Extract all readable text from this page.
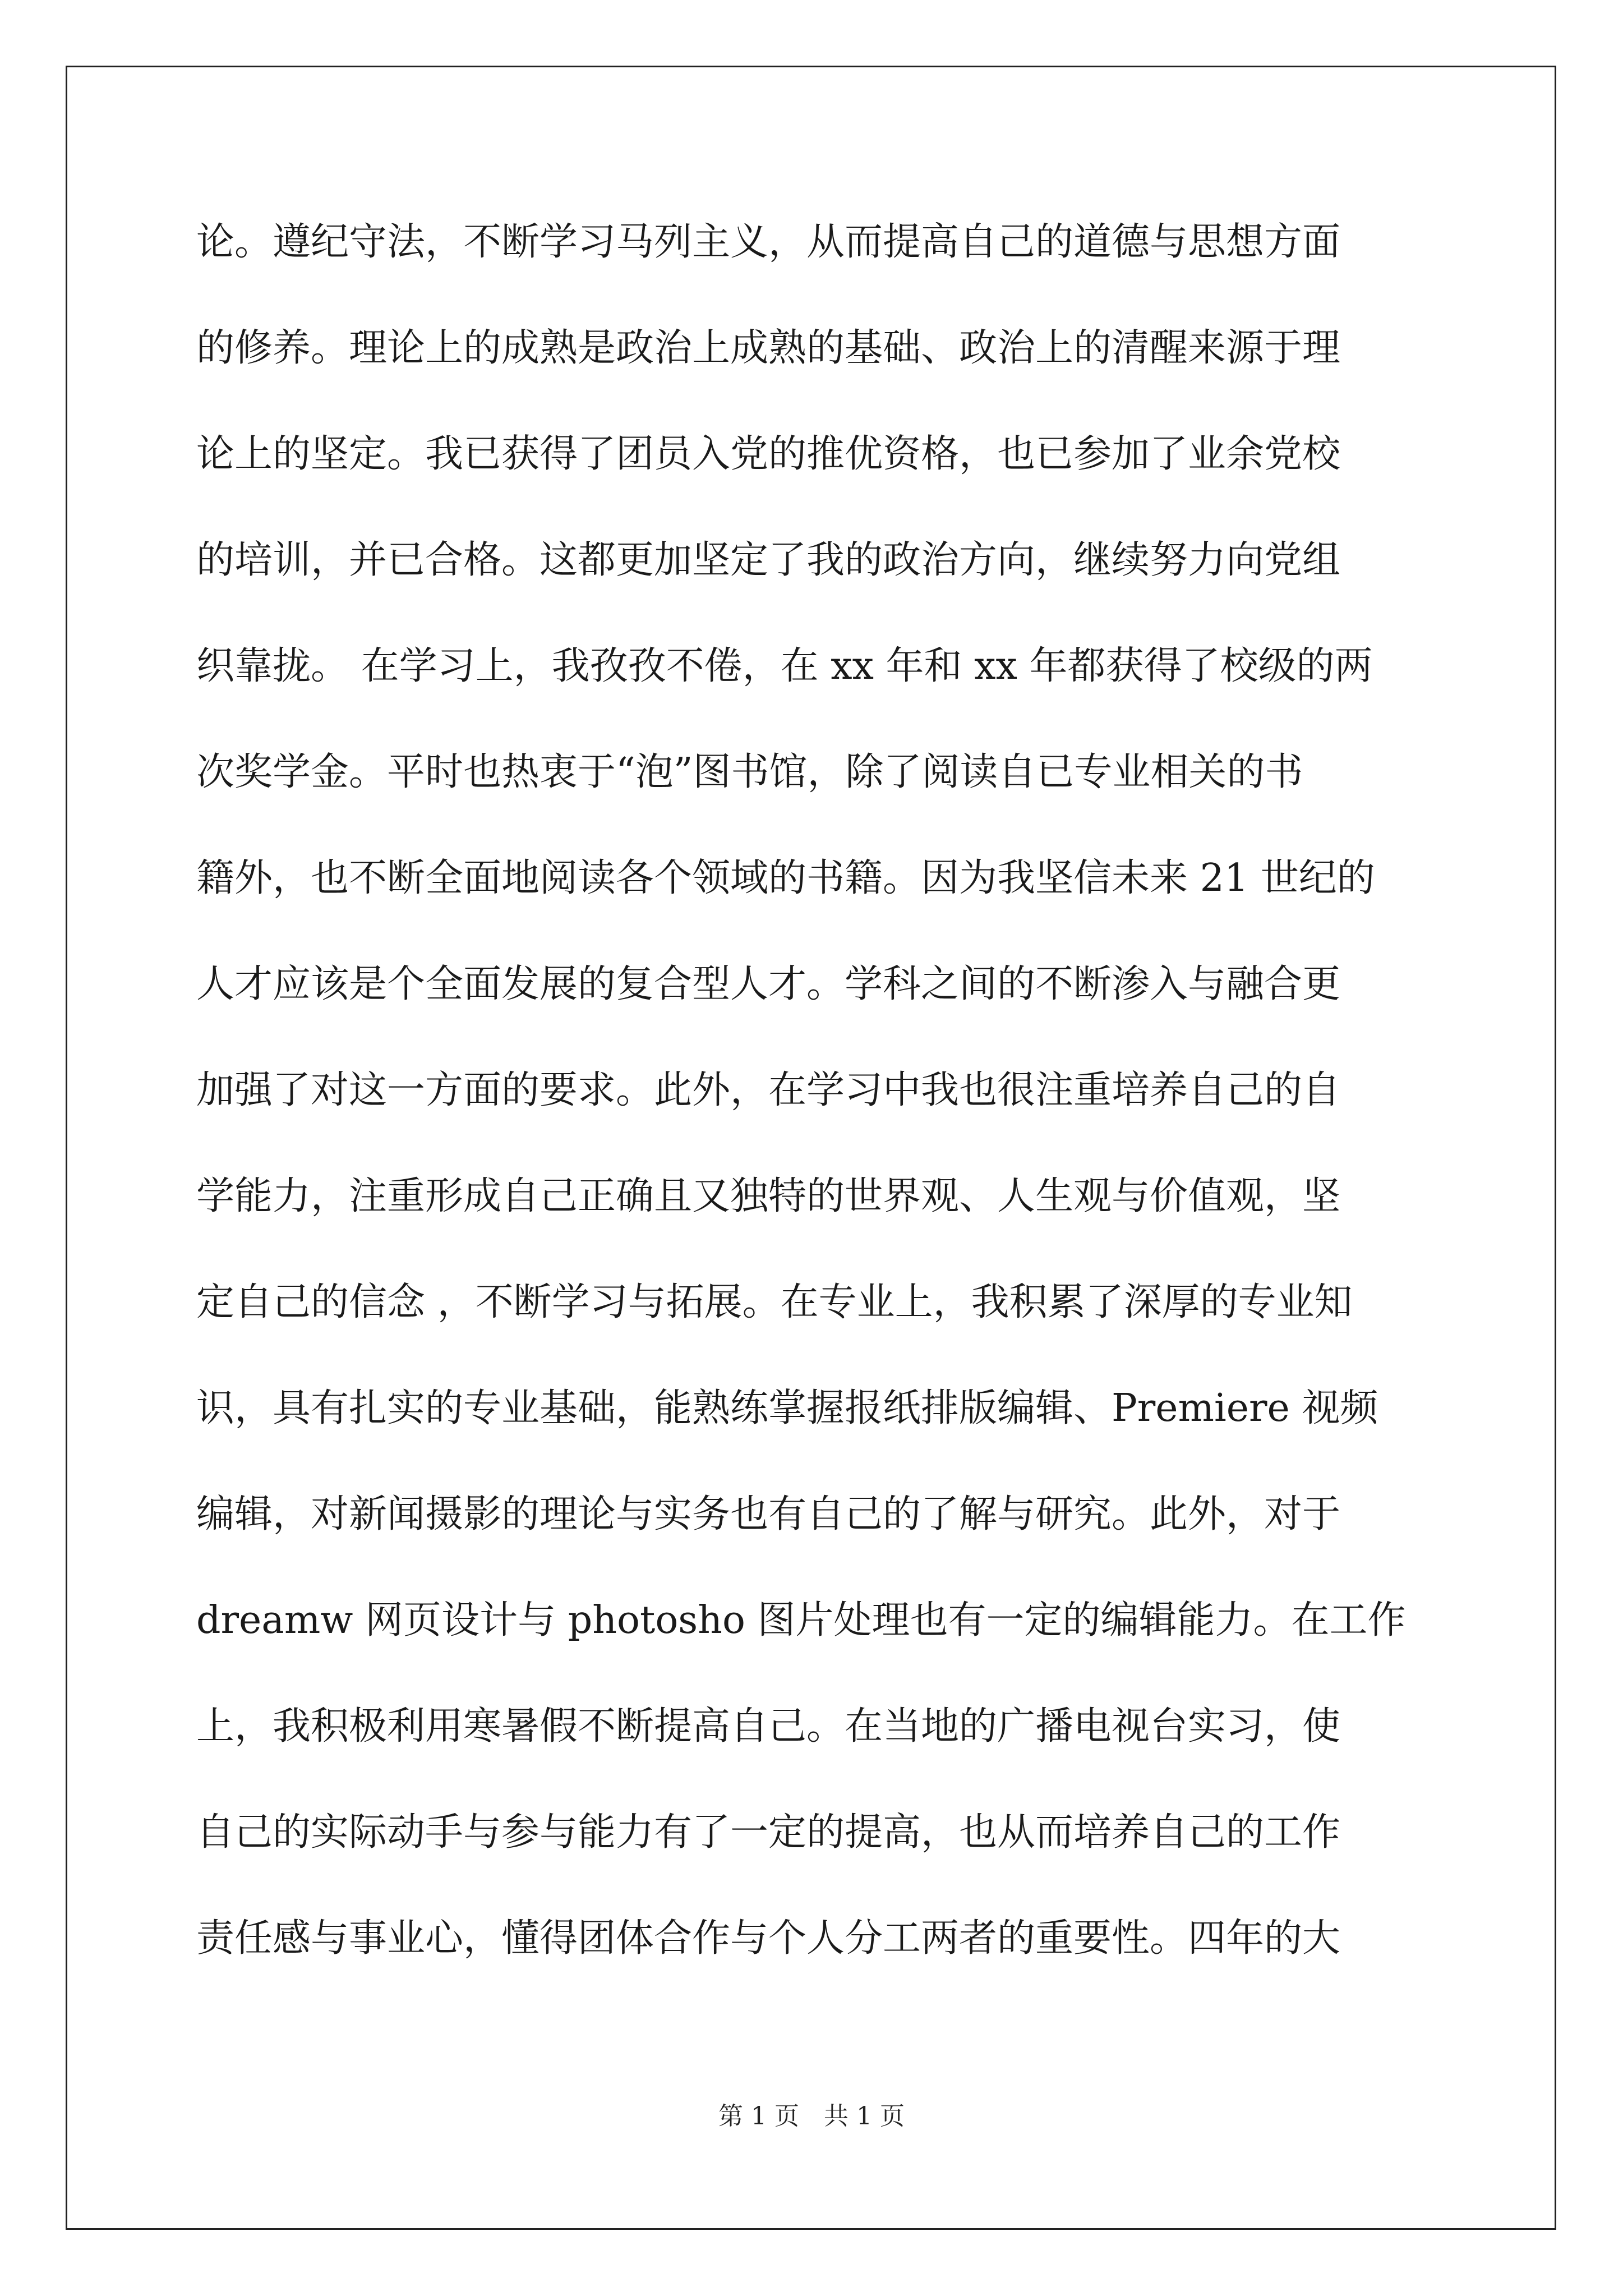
论。遵纪守法，不断学习马列主义，从而提高自己的道德与思想方面
的修养。理论上的成熟是政治上成熟的基础、政治上的清醒来源于理
论上的坚定。我已获得了团员入党的推优资格，也已参加了业余党校
的培训，并已合格。这都更加坚定了我的政治方向，继续努力向党组
织靠拢。 在学习上，我孜孜不倦，在 xx 年和 xx 年都获得了校级的两
次奖学金。平时也热衷于“泡”图书馆，除了阅读自已专业相关的书
籍外，也不断全面地阅读各个领域的书籍。因为我坚信未来 21 世纪的
人才应该是个全面发展的复合型人才。学科之间的不断渗入与融合更
加强了对这一方面的要求。此外，在学习中我也很注重培养自己的自
学能力，注重形成自己正确且又独特的世界观、人生观与价值观，坚
定自己的信念 ，不断学习与拓展。在专业上，我积累了深厚的专业知
识，具有扎实的专业基础，能熟练掌握报纸排版编辑、Premiere 视频
编辑，对新闻摄影的理论与实务也有自己的了解与研究。此外，对于
dreamw 网页设计与 photosho 图片处理也有一定的编辑能力。在工作
上，我积极利用寒暑假不断提高自己。在当地的广播电视台实习，使
自己的实际动手与参与能力有了一定的提高，也从而培养自己的工作
责任感与事业心，懂得团体合作与个人分工两者的重要性。四年的大
第 1 页　共 1 页
